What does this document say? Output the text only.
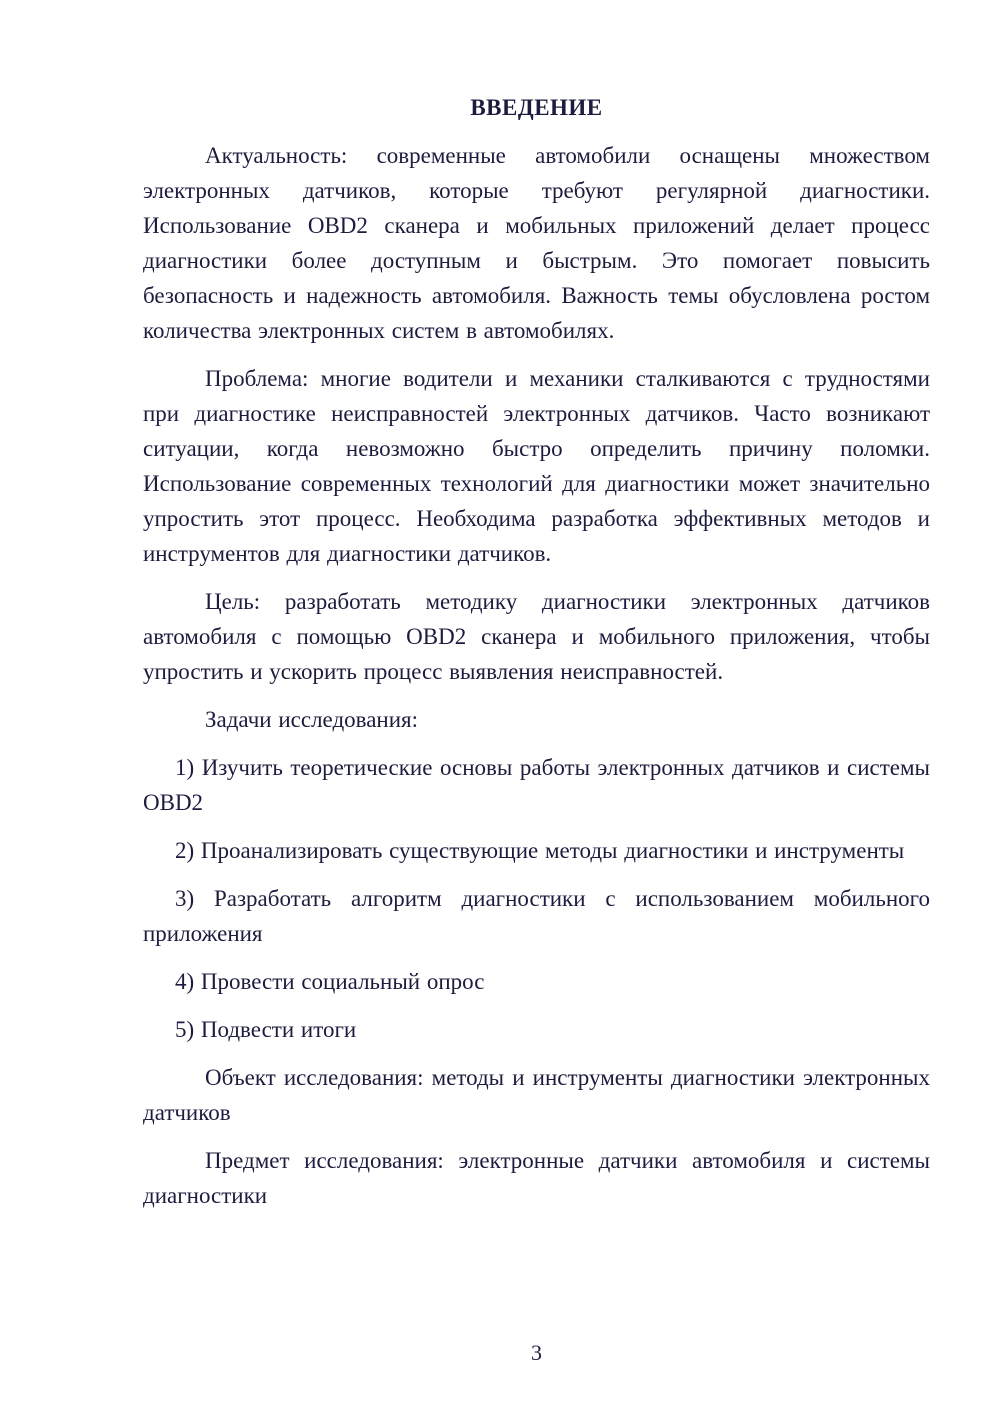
ВВЕДЕНИЕ

Актуальность: современные автомобили оснащены множеством электронных датчиков, которые требуют регулярной диагностики. Использование OBD2 сканера и мобильных приложений делает процесс диагностики более доступным и быстрым. Это помогает повысить безопасность и надежность автомобиля. Важность темы обусловлена ростом количества электронных систем в автомобилях.

Проблема: многие водители и механики сталкиваются с трудностями при диагностике неисправностей электронных датчиков. Часто возникают ситуации, когда невозможно быстро определить причину поломки. Использование современных технологий для диагностики может значительно упростить этот процесс. Необходима разработка эффективных методов и инструментов для диагностики датчиков.

Цель: разработать методику диагностики электронных датчиков автомобиля с помощью OBD2 сканера и мобильного приложения, чтобы упростить и ускорить процесс выявления неисправностей.

Задачи исследования:

1) Изучить теоретические основы работы электронных датчиков и системы OBD2

2) Проанализировать существующие методы диагностики и инструменты

3) Разработать алгоритм диагностики с использованием мобильного приложения

4) Провести социальный опрос

5) Подвести итоги

Объект исследования: методы и инструменты диагностики электронных датчиков

Предмет исследования: электронные датчики автомобиля и системы диагностики

3
